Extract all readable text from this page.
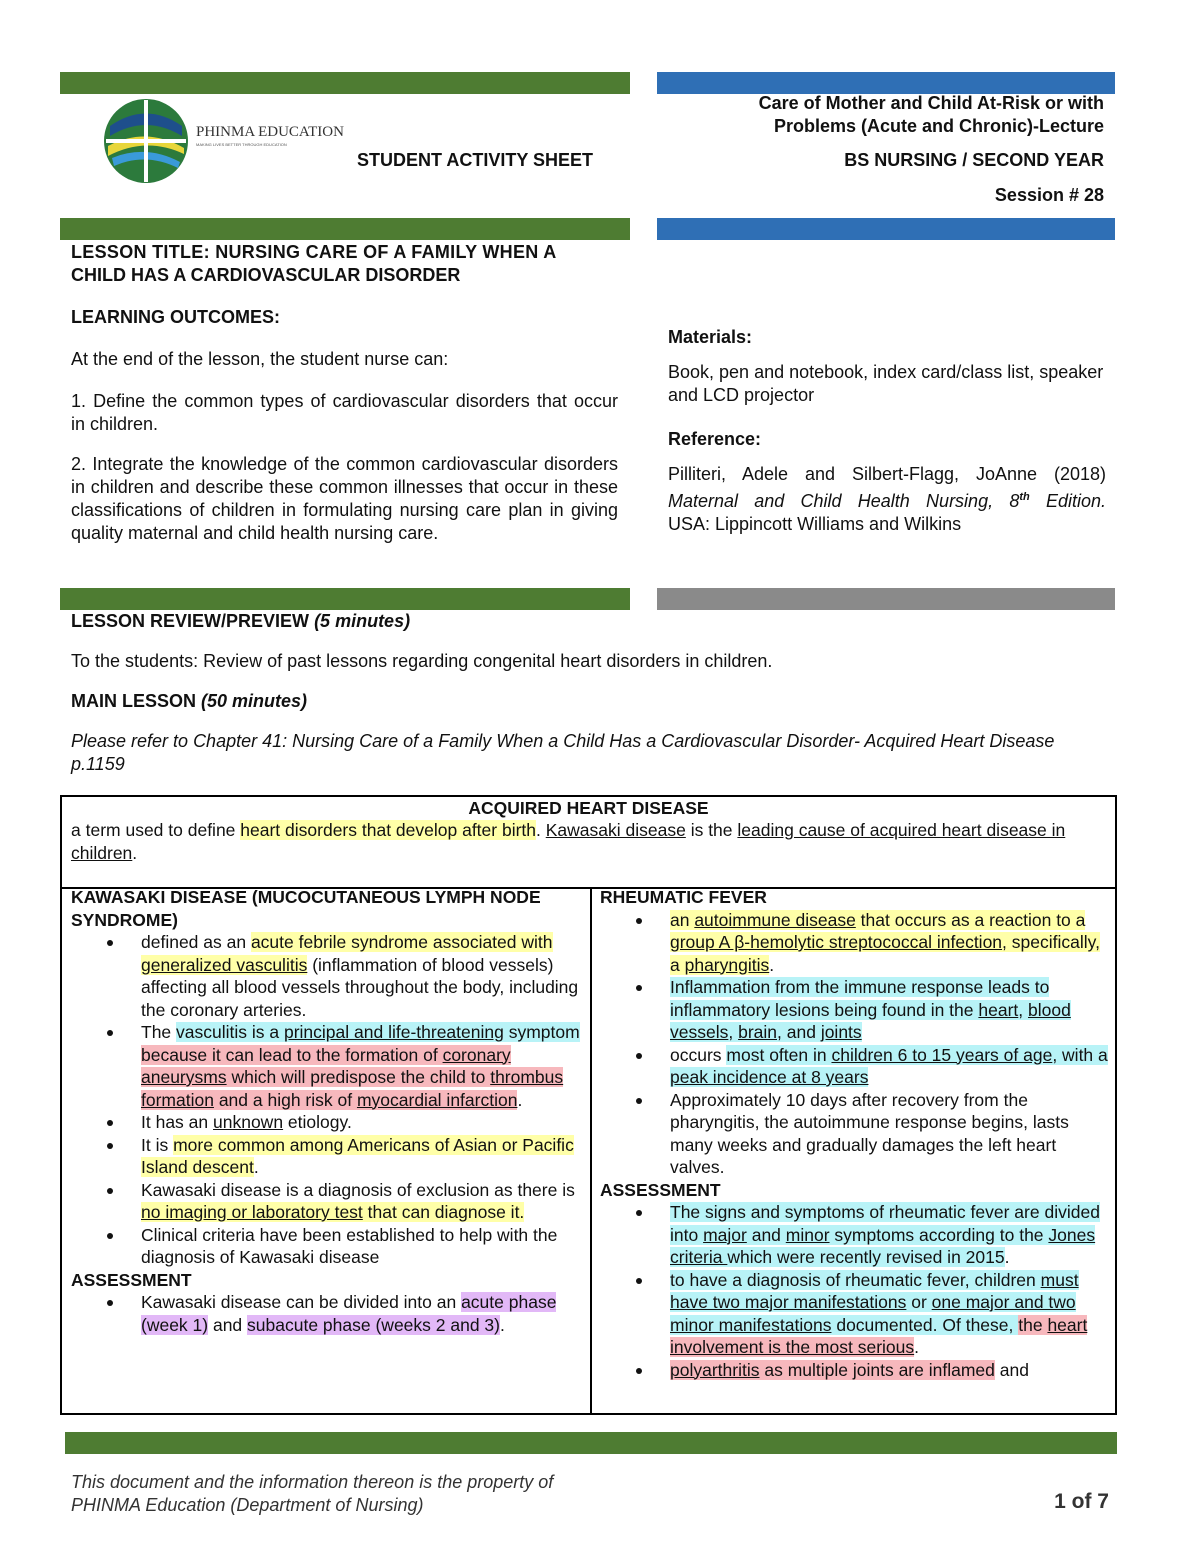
PHINMA EDUCATION
MAKING LIVES BETTER THROUGH EDUCATION
STUDENT ACTIVITY SHEET
Care of Mother and Child At-Risk or with
Problems (Acute and Chronic)-Lecture
BS NURSING / SECOND YEAR
Session # 28
LESSON TITLE: NURSING CARE OF A FAMILY WHEN A
CHILD HAS A CARDIOVASCULAR DISORDER
LEARNING OUTCOMES:
At the end of the lesson, the student nurse can:
1. Define the common types of cardiovascular disorders that occur in children.
2. Integrate the knowledge of the common cardiovascular disorders in children and describe these common illnesses that occur in these classifications of children in formulating nursing care plan in giving quality maternal and child health nursing care.
Materials:
Book, pen and notebook, index card/class list, speaker and LCD projector
Reference:
Pilliteri, Adele and Silbert-Flagg, JoAnne (2018)
Maternal and Child Health Nursing, 8th Edition.
USA: Lippincott Williams and Wilkins
LESSON REVIEW/PREVIEW (5 minutes)
To the students: Review of past lessons regarding congenital heart disorders in children.
MAIN LESSON (50 minutes)
Please refer to Chapter 41: Nursing Care of a Family When a Child Has a Cardiovascular Disorder- Acquired Heart Disease p.1159
ACQUIRED HEART DISEASE
a term used to define heart disorders that develop after birth. Kawasaki disease is the leading cause of acquired heart disease in children.
KAWASAKI DISEASE (MUCOCUTANEOUS LYMPH NODE SYNDROME)
defined as an acute febrile syndrome associated with generalized vasculitis (inflammation of blood vessels) affecting all blood vessels throughout the body, including the coronary arteries.
The vasculitis is a principal and life-threatening symptom because it can lead to the formation of coronary aneurysms which will predispose the child to thrombus formation and a high risk of myocardial infarction.
It has an unknown etiology.
It is more common among Americans of Asian or Pacific Island descent.
Kawasaki disease is a diagnosis of exclusion as there is no imaging or laboratory test that can diagnose it.
Clinical criteria have been established to help with the diagnosis of Kawasaki disease
ASSESSMENT
Kawasaki disease can be divided into an acute phase (week 1) and subacute phase (weeks 2 and 3).
RHEUMATIC FEVER
an autoimmune disease that occurs as a reaction to a group A β-hemolytic streptococcal infection, specifically, a pharyngitis.
Inflammation from the immune response leads to inflammatory lesions being found in the heart, blood vessels, brain, and joints
occurs most often in children 6 to 15 years of age, with a peak incidence at 8 years
Approximately 10 days after recovery from the pharyngitis, the autoimmune response begins, lasts many weeks and gradually damages the left heart valves.
ASSESSMENT
The signs and symptoms of rheumatic fever are divided into major and minor symptoms according to the Jones criteria which were recently revised in 2015.
to have a diagnosis of rheumatic fever, children must have two major manifestations or one major and two minor manifestations documented. Of these, the heart involvement is the most serious.
polyarthritis as multiple joints are inflamed and
This document and the information thereon is the property of
PHINMA Education (Department of Nursing)	1 of 7
